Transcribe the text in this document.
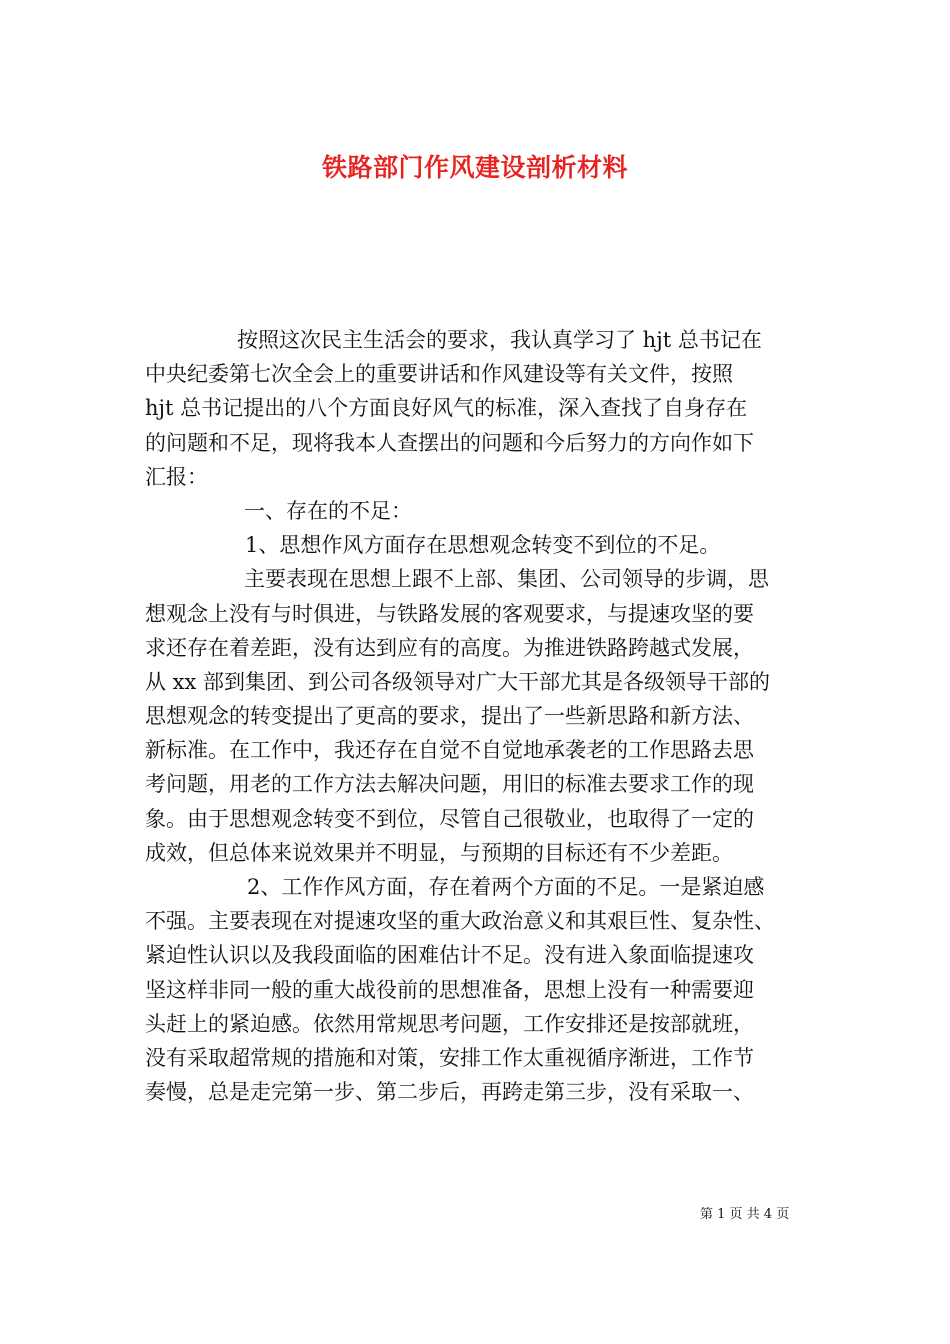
铁路部门作风建设剖析材料
按照这次民主生活会的要求，我认真学习了 hjt 总书记在
中央纪委第七次全会上的重要讲话和作风建设等有关文件，按照
hjt 总书记提出的八个方面良好风气的标准，深入查找了自身存在
的问题和不足，现将我本人查摆出的问题和今后努力的方向作如下
汇报：
一、存在的不足：
1、思想作风方面存在思想观念转变不到位的不足。
主要表现在思想上跟不上部、集团、公司领导的步调，思
想观念上没有与时俱进，与铁路发展的客观要求，与提速攻坚的要
求还存在着差距，没有达到应有的高度。为推进铁路跨越式发展，
从 xx 部到集团、到公司各级领导对广大干部尤其是各级领导干部的
思想观念的转变提出了更高的要求，提出了一些新思路和新方法、
新标准。在工作中，我还存在自觉不自觉地承袭老的工作思路去思
考问题，用老的工作方法去解决问题，用旧的标准去要求工作的现
象。由于思想观念转变不到位，尽管自己很敬业，也取得了一定的
成效，但总体来说效果并不明显，与预期的目标还有不少差距。
2、工作作风方面，存在着两个方面的不足。一是紧迫感
不强。主要表现在对提速攻坚的重大政治意义和其艰巨性、复杂性、
紧迫性认识以及我段面临的困难估计不足。没有进入象面临提速攻
坚这样非同一般的重大战役前的思想准备，思想上没有一种需要迎
头赶上的紧迫感。依然用常规思考问题，工作安排还是按部就班，
没有采取超常规的措施和对策，安排工作太重视循序渐进，工作节
奏慢，总是走完第一步、第二步后，再跨走第三步，没有采取一、
第 1 页 共 4 页
